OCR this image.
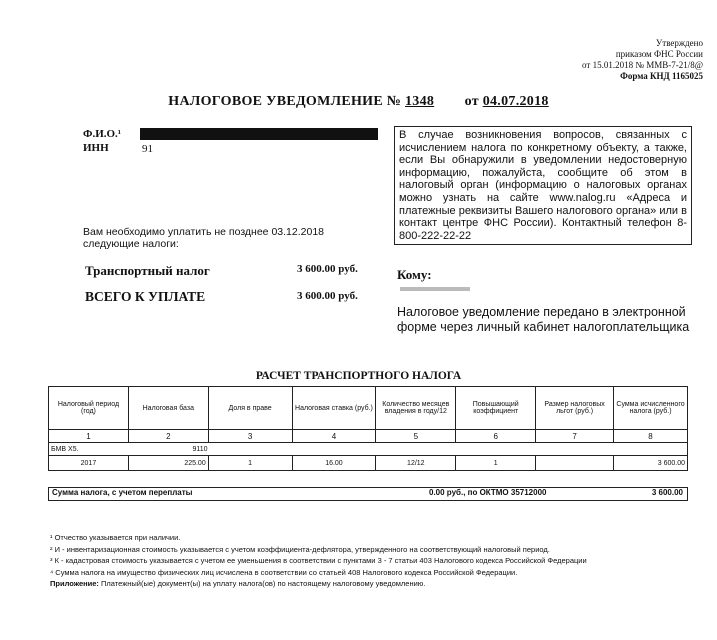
Утверждено
приказом ФНС России
от 15.01.2018 № ММВ-7-21/8@
Форма КНД 1165025
НАЛОГОВОЕ УВЕДОМЛЕНИЕ № 1348 от 04.07.2018
Ф.И.О.¹
ИНН	91
В случае возникновения вопросов, связанных с исчислением налога по конкретному объекту, а также, если Вы обнаружили в уведомлении недостоверную информацию, пожалуйста, сообщите об этом в налоговый орган (информацию о налоговых органах можно узнать на сайте www.nalog.ru «Адреса и платежные реквизиты Вашего налогового органа» или в контакт центре ФНС России). Контактный телефон 8-800-222-22-22
Вам необходимо уплатить не позднее 03.12.2018
следующие налоги:
Транспортный налог	3 600.00 руб.
ВСЕГО К УПЛАТЕ	3 600.00 руб.
Кому:
Налоговое уведомление передано в электронной форме через личный кабинет налогоплательщика
РАСЧЕТ ТРАНСПОРТНОГО НАЛОГА
Налоговый период (год)	Налоговая база	Доля в праве	Налоговая ставка (руб.)	Количество месяцев владения в году/12	Повышающий коэффициент	Размер налоговых льгот (руб.)	Сумма исчисленного налога (руб.)
1	2	3	4	5	6	7	8
БМВ X5. 9110							
2017	225.00	1	16.00	12/12	1		3 600.00
Сумма налога, с учетом переплаты	0.00 руб., по ОКТМО 35712000	3 600.00
¹ Отчество указывается при наличии.
² И - инвентаризационная стоимость указывается с учетом коэффициента-дефлятора, утвержденного на соответствующий налоговый период.
³ К - кадастровая стоимость указывается с учетом ее уменьшения в соответствии с пунктами 3 - 7 статьи 403 Налогового кодекса Российской Федерации
⁴ Сумма налога на имущество физических лиц исчислена в соответствии со статьей 408 Налогового кодекса Российской Федерации.
Приложение: Платежный(ые) документ(ы) на уплату налога(ов) по настоящему налоговому уведомлению.
